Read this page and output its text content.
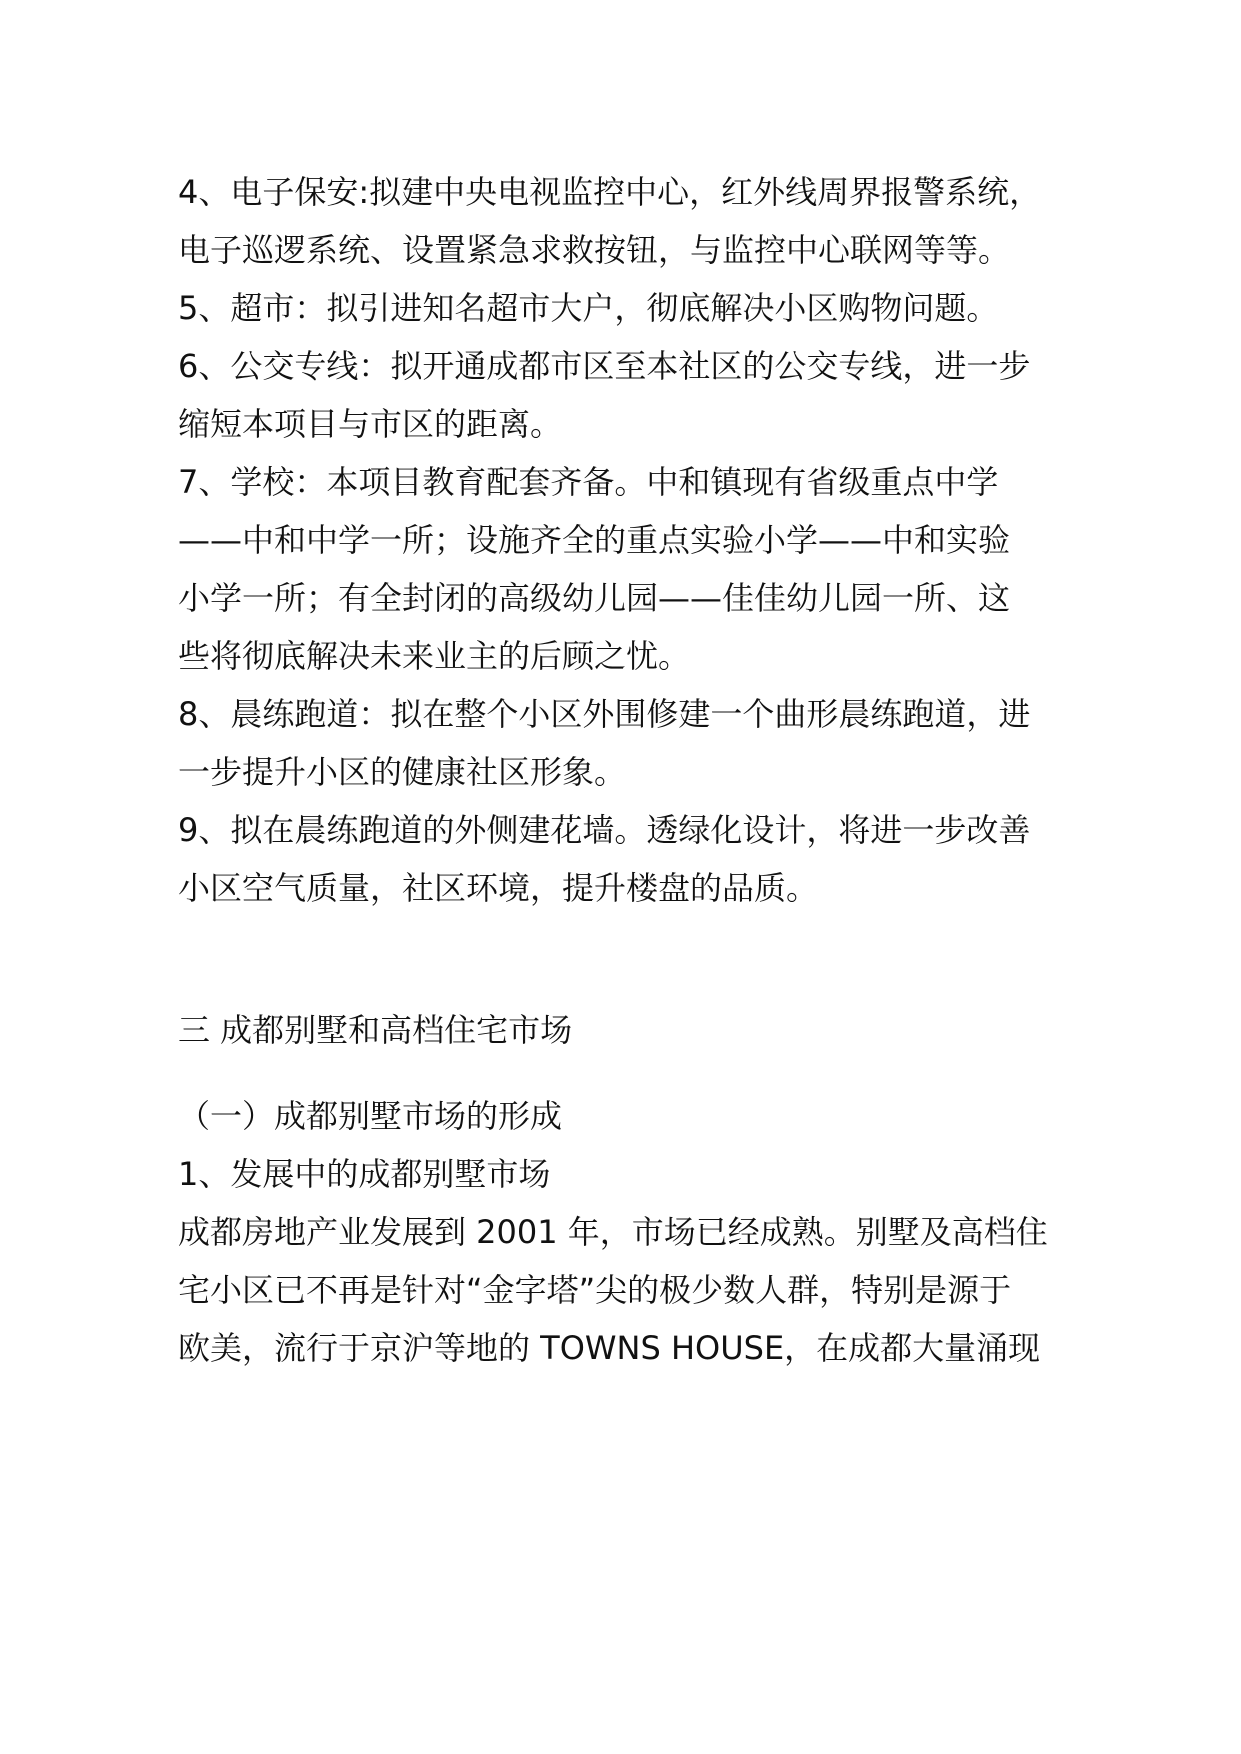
4、电子保安:拟建中央电视监控中心，红外线周界报警系统，
电子巡逻系统、设置紧急求救按钮，与监控中心联网等等。
5、超市：拟引进知名超市大户，彻底解决小区购物问题。
6、公交专线：拟开通成都市区至本社区的公交专线，进一步
缩短本项目与市区的距离。
7、学校：本项目教育配套齐备。中和镇现有省级重点中学
——中和中学一所；设施齐全的重点实验小学——中和实验
小学一所；有全封闭的高级幼儿园——佳佳幼儿园一所、这
些将彻底解决未来业主的后顾之忧。
8、晨练跑道：拟在整个小区外围修建一个曲形晨练跑道，进
一步提升小区的健康社区形象。
9、拟在晨练跑道的外侧建花墙。透绿化设计，将进一步改善
小区空气质量，社区环境，提升楼盘的品质。
三 成都别墅和高档住宅市场
（一）成都别墅市场的形成
1、发展中的成都别墅市场
成都房地产业发展到 2001 年，市场已经成熟。别墅及高档住
宅小区已不再是针对“金字塔”尖的极少数人群，特别是源于
欧美，流行于京沪等地的 TOWNS HOUSE，在成都大量涌现
